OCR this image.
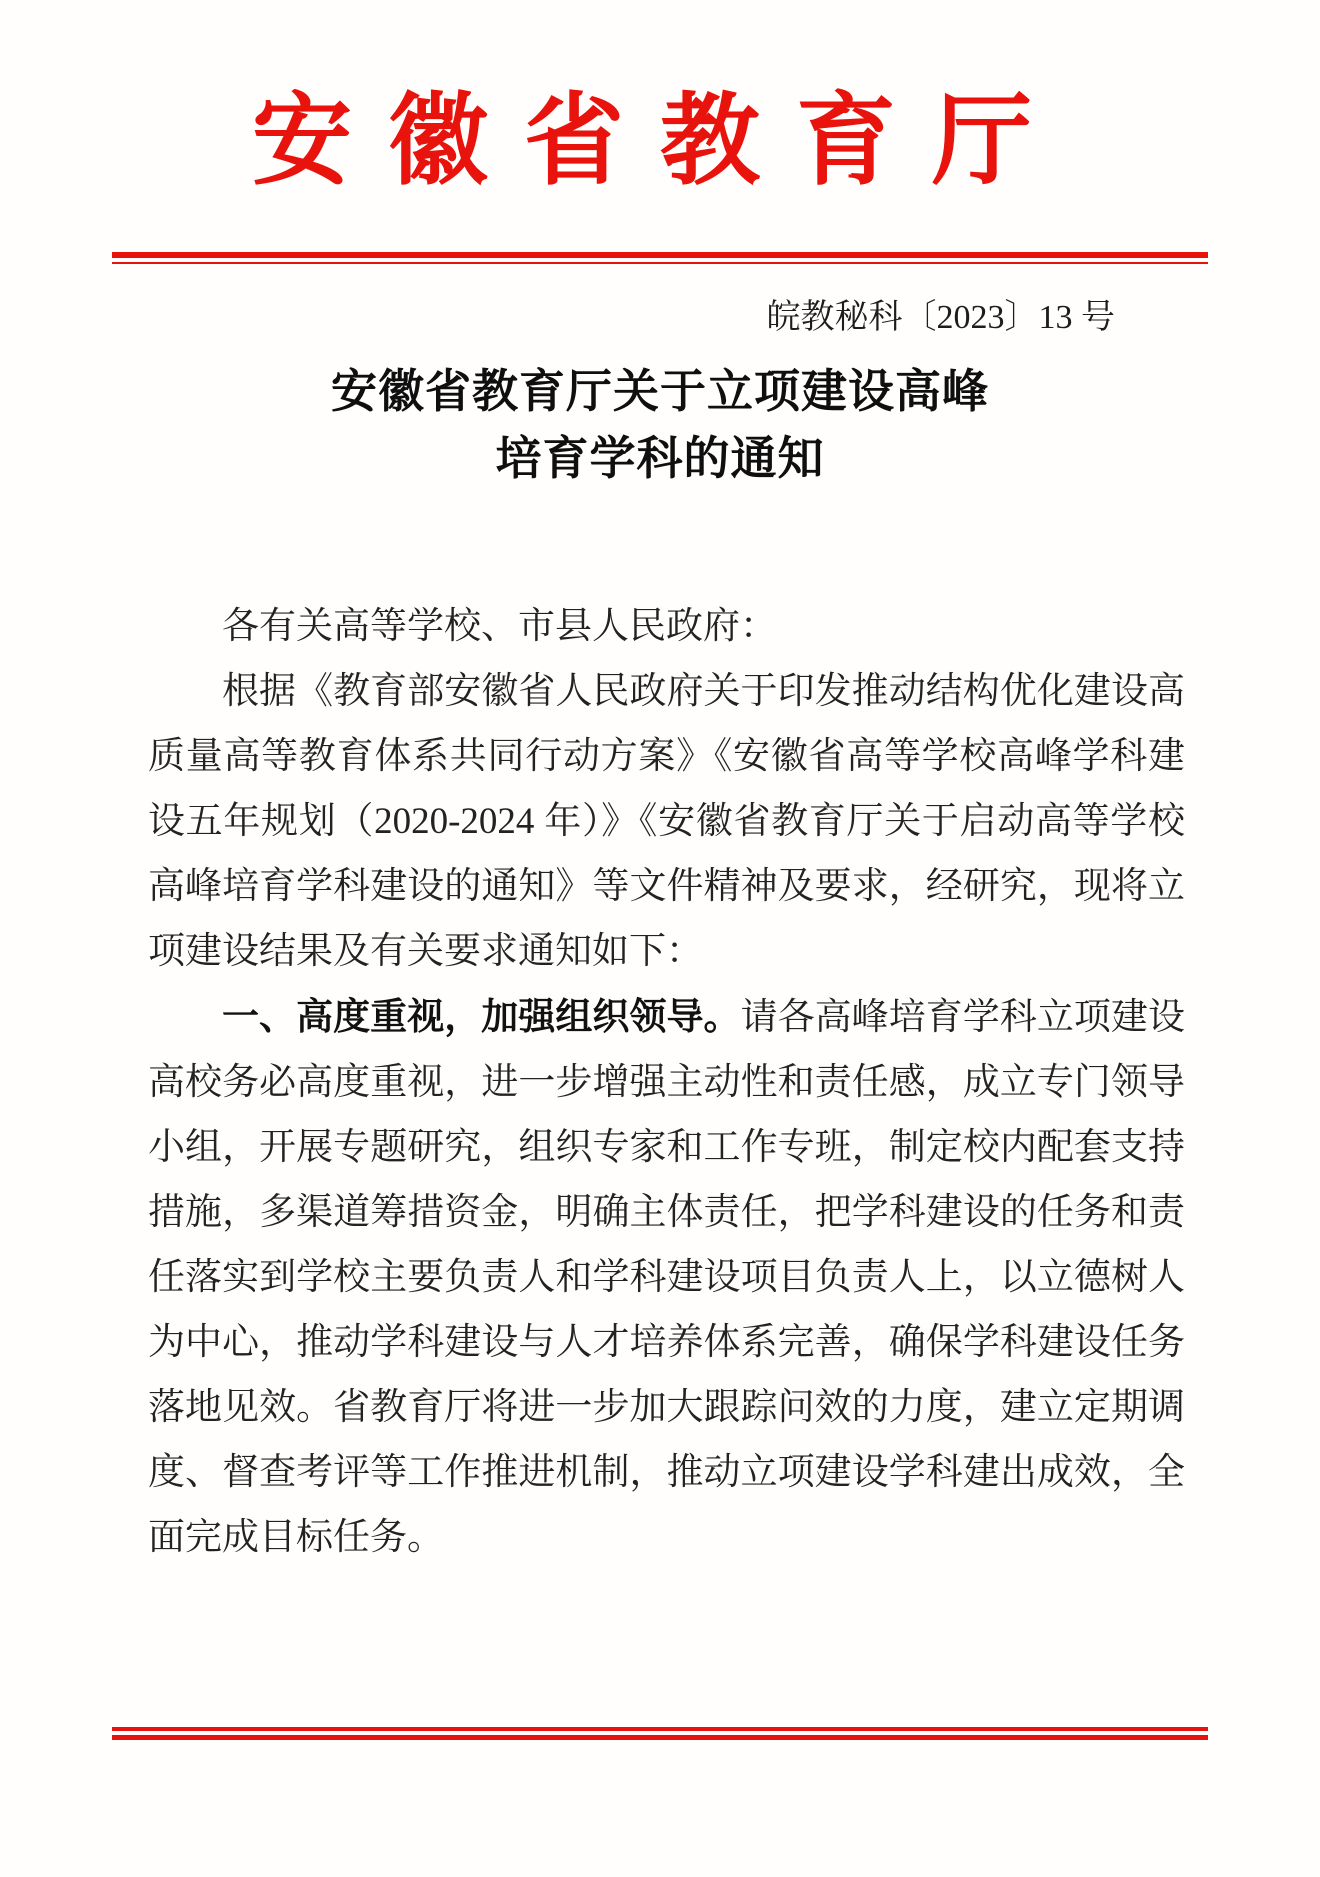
安徽省教育厅
皖教秘科〔2023〕13 号
安徽省教育厅关于立项建设高峰
培育学科的通知

各有关高等学校、市县人民政府：

根据《教育部安徽省人民政府关于印发推动结构优化建设高质量高等教育体系共同行动方案》《安徽省高等学校高峰学科建设五年规划（2020-2024 年）》《安徽省教育厅关于启动高等学校高峰培育学科建设的通知》等文件精神及要求，经研究，现将立项建设结果及有关要求通知如下：

一、高度重视，加强组织领导。请各高峰培育学科立项建设高校务必高度重视，进一步增强主动性和责任感，成立专门领导小组，开展专题研究，组织专家和工作专班，制定校内配套支持措施，多渠道筹措资金，明确主体责任，把学科建设的任务和责任落实到学校主要负责人和学科建设项目负责人上，以立德树人为中心，推动学科建设与人才培养体系完善，确保学科建设任务落地见效。省教育厅将进一步加大跟踪问效的力度，建立定期调度、督查考评等工作推进机制，推动立项建设学科建出成效，全面完成目标任务。
